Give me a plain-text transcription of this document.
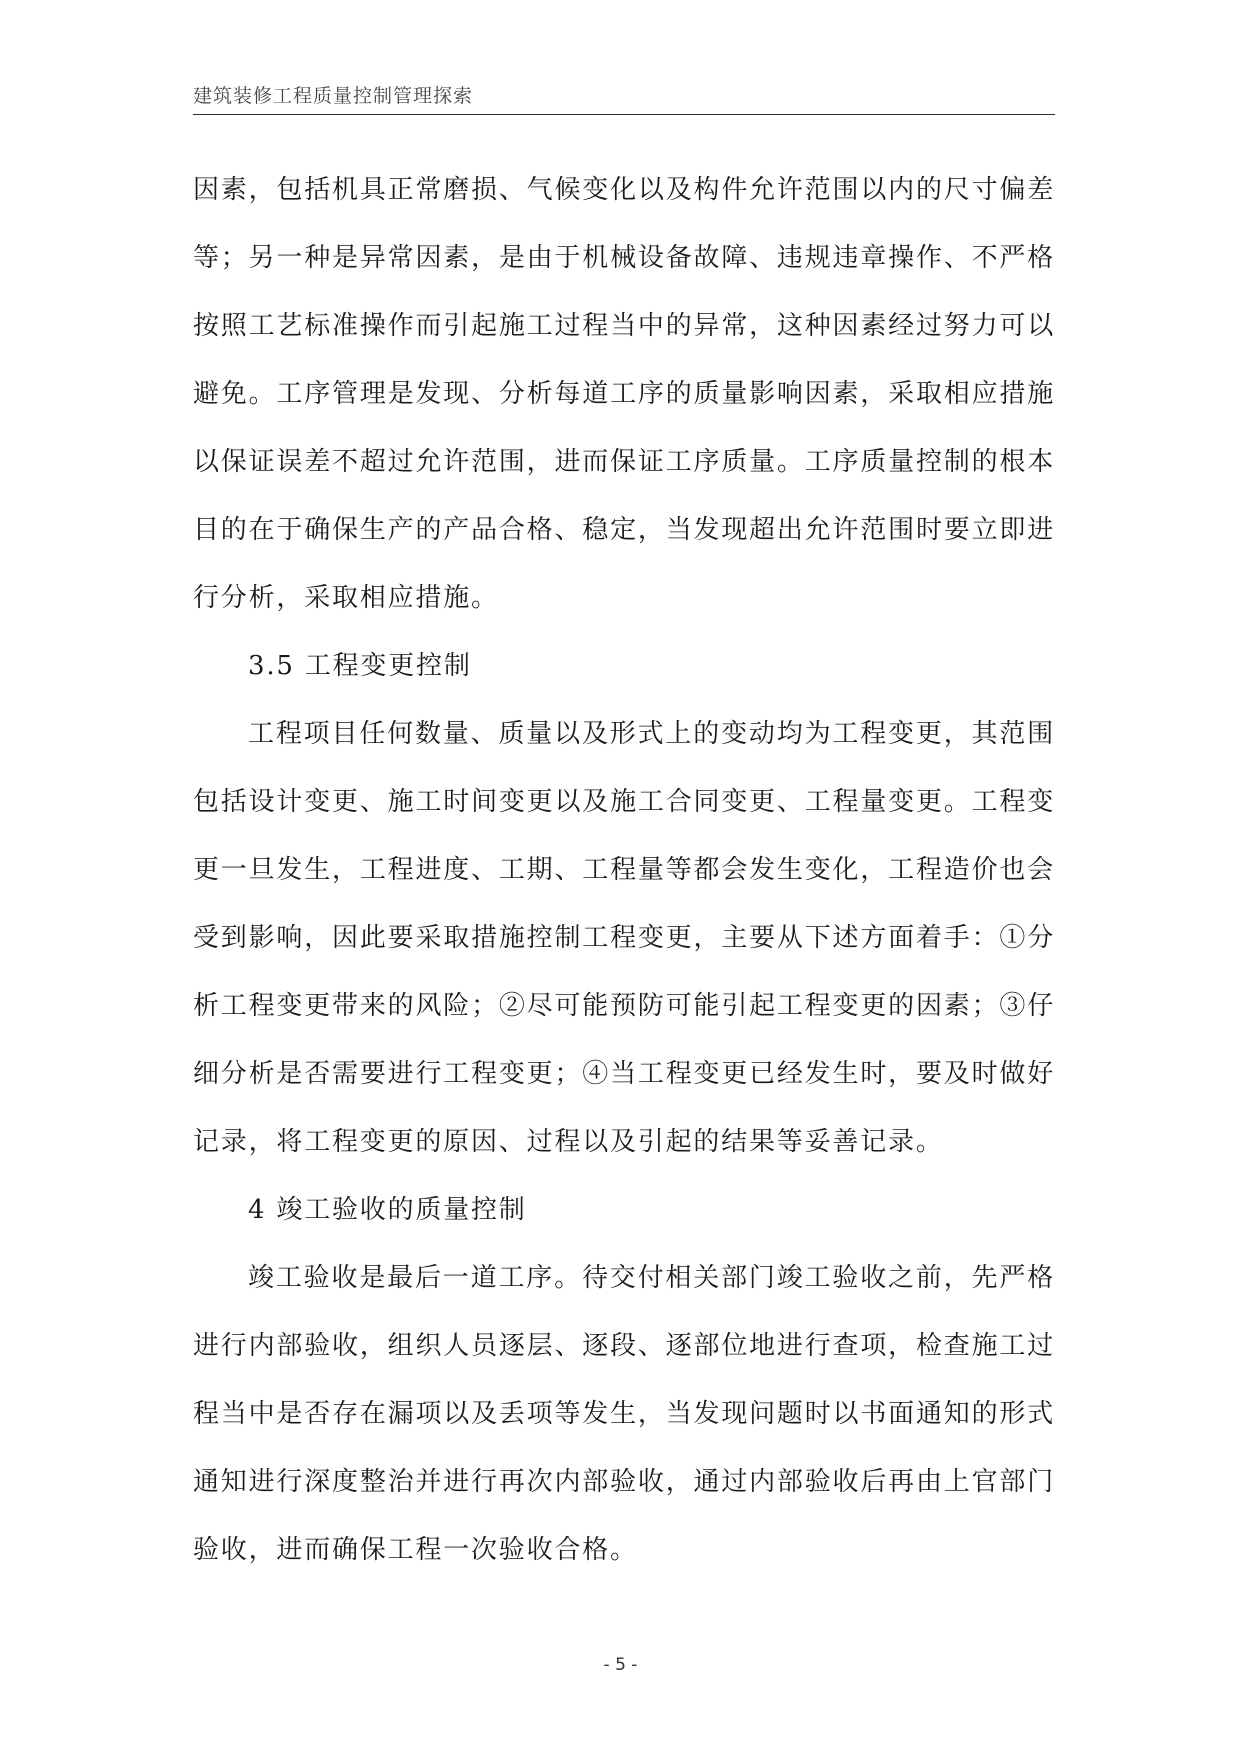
建筑装修工程质量控制管理探索

因素，包括机具正常磨损、气候变化以及构件允许范围以内的尺寸偏差等；另一种是异常因素，是由于机械设备故障、违规违章操作、不严格按照工艺标准操作而引起施工过程当中的异常，这种因素经过努力可以避免。工序管理是发现、分析每道工序的质量影响因素，采取相应措施以保证误差不超过允许范围，进而保证工序质量。工序质量控制的根本目的在于确保生产的产品合格、稳定，当发现超出允许范围时要立即进行分析，采取相应措施。

3.5 工程变更控制

工程项目任何数量、质量以及形式上的变动均为工程变更，其范围包括设计变更、施工时间变更以及施工合同变更、工程量变更。工程变更一旦发生，工程进度、工期、工程量等都会发生变化，工程造价也会受到影响，因此要采取措施控制工程变更，主要从下述方面着手：①分析工程变更带来的风险；②尽可能预防可能引起工程变更的因素；③仔细分析是否需要进行工程变更；④当工程变更已经发生时，要及时做好记录，将工程变更的原因、过程以及引起的结果等妥善记录。

4 竣工验收的质量控制

竣工验收是最后一道工序。待交付相关部门竣工验收之前，先严格进行内部验收，组织人员逐层、逐段、逐部位地进行查项，检查施工过程当中是否存在漏项以及丢项等发生，当发现问题时以书面通知的形式通知进行深度整治并进行再次内部验收，通过内部验收后再由上官部门验收，进而确保工程一次验收合格。

- 5 -
